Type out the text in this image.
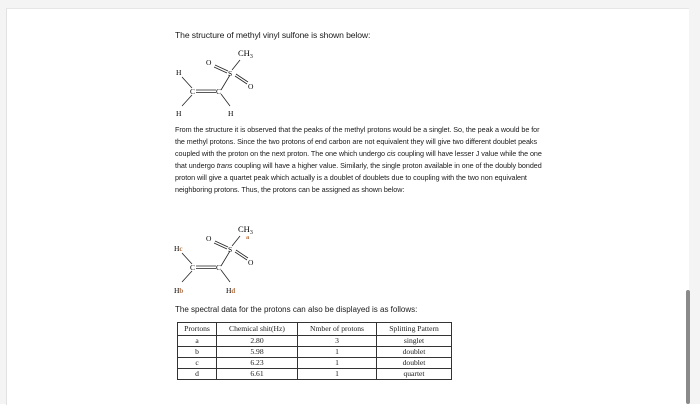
The structure of methyl vinyl sulfone is shown below:
$CH_3$
O
S
O
H
C	C
H	H

From the structure it is observed that the peaks of the methyl protons would be a singlet. So, the peak a would be for the methyl protons. Since the two protons of end carbon are not equivalent they will give two different doublet peaks coupled with the proton on the next proton. The one which undergo cis coupling will have lesser J value while the one that undergo trans coupling will have a higher value. Similarly, the single proton available in one of the doubly bonded proton will give a quartet peak which actually is a doublet of doublets due to coupling with the two non equivalent neighboring protons. Thus, the protons can be assigned as shown below:

$CH_3$
a
O
S
O
Hc
C	C
Hb	Hd
The spectral data for the protons can also be displayed is as follows:
Prortons	Chemical shit(Hz)	Nmber of protons	Splitting Pattern
a	2.80	3	singlet
b	5.98	1	doublet
c	6.23	1	doublet
d	6.61	1	quartet
